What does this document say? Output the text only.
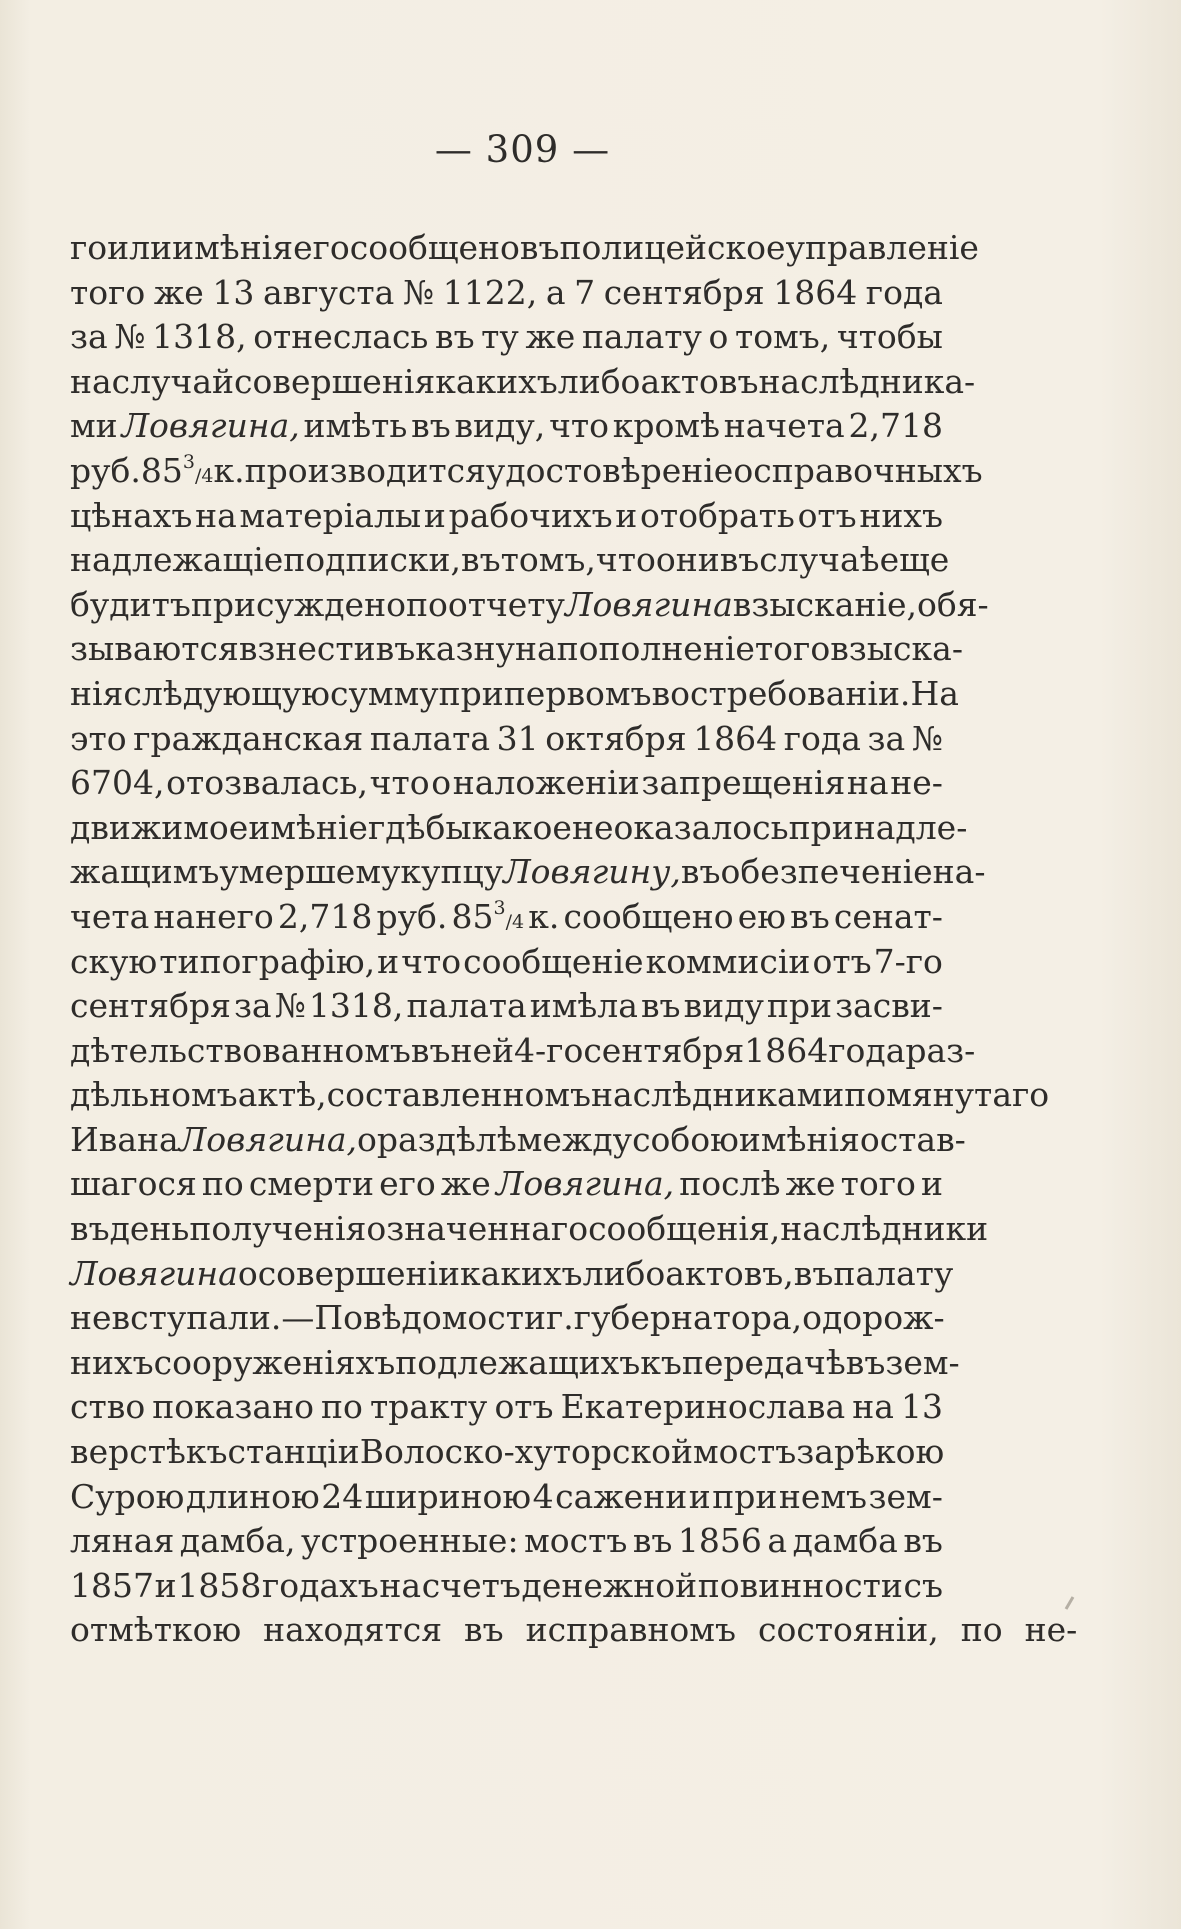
— 309 —
го или имѣнія его сообщено въ полицейское управленіе
того же 13 августа № 1122, а 7 сентября 1864 года
за № 1318, отнеслась въ ту же палату о томъ, чтобы
на случай совершенія какихъ либо актовъ наслѣдника-
ми Ловягина, имѣть въ виду, что кромѣ начета 2,718
руб. $85^3/4$ к. производится удостовѣреніе о справочныхъ
цѣнахъ на матеріалы и рабочихъ и отобрать отъ нихъ
надлежащіе подписки, въ томъ, что они въ случаѣ еще
будитъ присуждено по отчету Ловягина взысканіе, обя-
зываются взнести въ казну на пополненіе того взыска-
нія слѣдующую сумму при первомъ востребованіи. На
это гражданская палата 31 октября 1864 года за №
6704, отозвалась, что о наложеніи запрещенія на не-
движимое имѣніе гдѣ бы какое неоказалось принадле-
жащимъ умершему купцу Ловягину, въ обезпеченіе на-
чета нанего 2,718 руб. $85^3/4$ к. сообщено ею въ сенат-
скую типографію, и что сообщеніе коммисіи отъ 7-го
сентября за № 1318, палата имѣла въ виду при засви-
дѣтельствованномъ въ ней 4-го сентября 1864 года раз-
дѣльномъ актѣ, составленномъ наслѣдниками помянутаго
Ивана Ловягина, о раздѣлѣ между собою имѣнія остав-
шагося по смерти его же Ловягина, послѣ же того и
въ день полученія означеннаго сообщенія, наслѣдники
Ловягина о совершеніи какихъ либо актовъ, въ палату
не вступали.—По вѣдомости г. губернатора, о дорож-
нихъ сооруженіяхъ подлежащихъ къ передачѣ въ зем-
ство показано по тракту отъ Екатеринослава на 13
верстѣ къ станціи Волоско-хуторской мостъ за рѣкою
Сурою длиною 24 шириною 4 сажени и при немъ зем-
ляная дамба, устроенные: мостъ въ 1856 а дамба въ
1857 и 1858 годахъ на счетъ денежной повинности съ
отмѣткою находятся въ исправномъ состояніи, по не-
